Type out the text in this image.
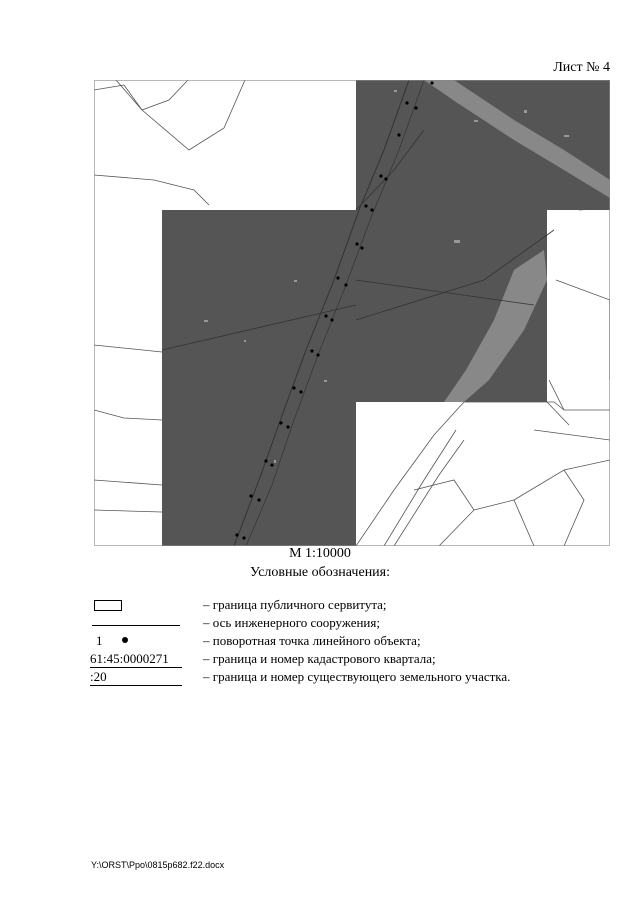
Лист № 4
М 1:10000
Условные обозначения:
– граница публичного сервитута;
– ось инженерного сооружения;
1	– поворотная точка линейного объекта;
61:45:0000271	– граница и номер кадастрового квартала;
:20	– граница и номер существующего земельного участка.
Y:\ORST\Ppo\0815p682.f22.docx
